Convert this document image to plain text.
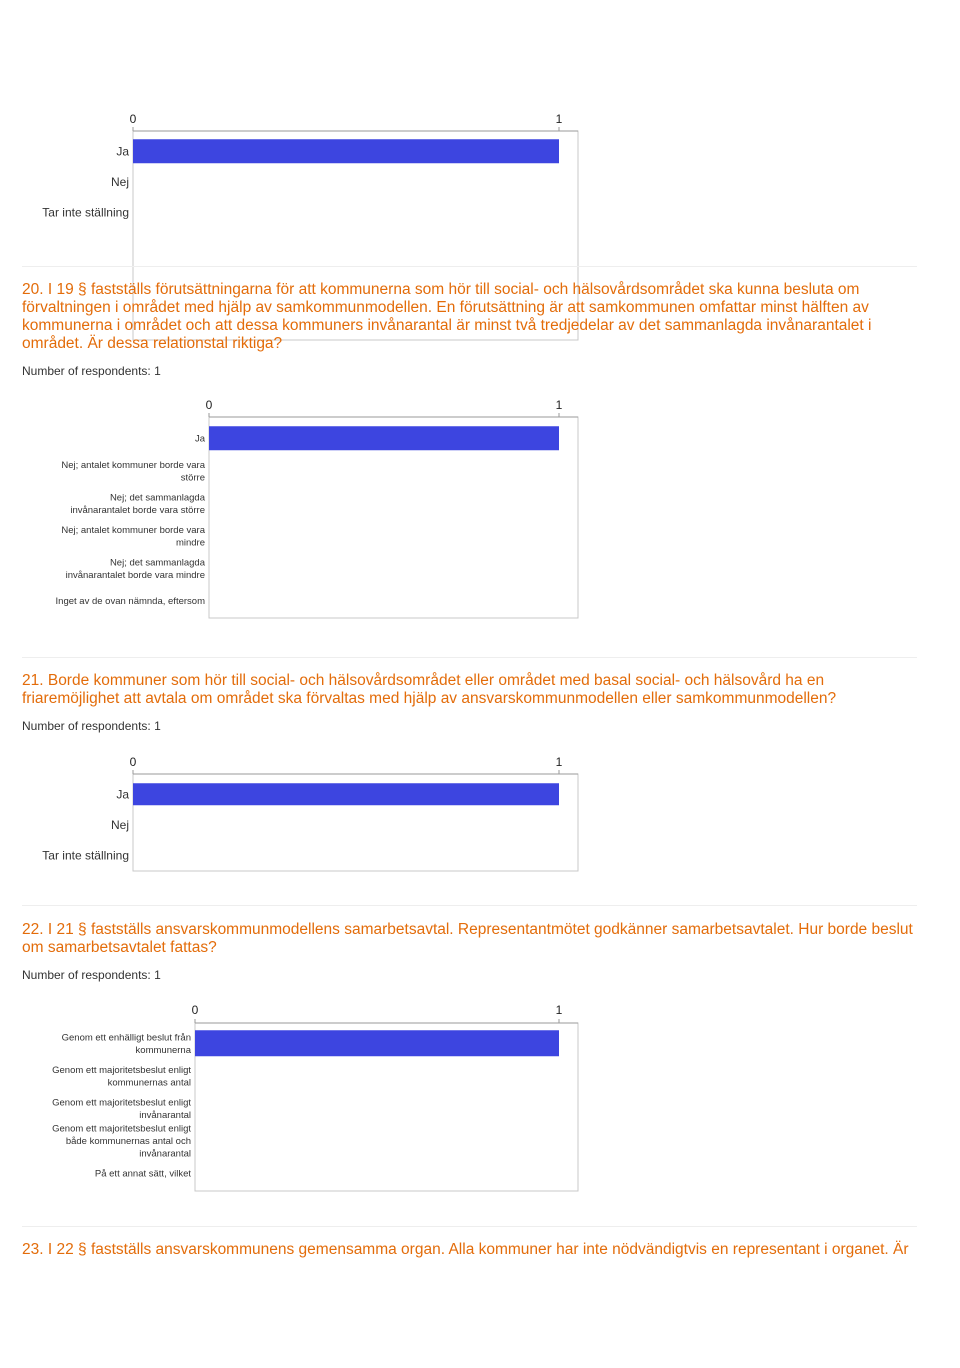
0	1
Ja
Nej
Tar inte ställning
20. I 19 § fastställs förutsättningarna för att kommunerna som hör till social- och hälsovårdsområdet ska kunna besluta om förvaltningen i området med hjälp av samkommunmodellen. En förutsättning är att samkommunen omfattar minst hälften av kommunerna i området och att dessa kommuners invånarantal är minst två tredjedelar av det sammanlagda invånarantalet i området. Är dessa relationstal riktiga?

Number of respondents: 1

0	1
Ja
Nej; antalet kommuner borde vara
större
Nej; det sammanlagda
invånarantalet borde vara större
Nej; antalet kommuner borde vara
mindre
Nej; det sammanlagda
invånarantalet borde vara mindre
Inget av de ovan nämnda, eftersom
21. Borde kommuner som hör till social- och hälsovårdsområdet eller området med basal social- och hälsovård ha en friaremöjlighet att avtala om området ska förvaltas med hjälp av ansvarskommunmodellen eller samkommunmodellen?

Number of respondents: 1

0	1
Ja
Nej
Tar inte ställning
22. I 21 § fastställs ansvarskommunmodellens samarbetsavtal. Representantmötet godkänner samarbetsavtalet. Hur borde beslut om samarbetsavtalet fattas?

Number of respondents: 1

0	1
Genom ett enhälligt beslut från
kommunerna
Genom ett majoritetsbeslut enligt
kommunernas antal
Genom ett majoritetsbeslut enligt
invånarantal
Genom ett majoritetsbeslut enligt
både kommunernas antal och
invånarantal
På ett annat sätt, vilket
23. I 22 § fastställs ansvarskommunens gemensamma organ. Alla kommuner har inte nödvändigtvis en representant i organet. Är
